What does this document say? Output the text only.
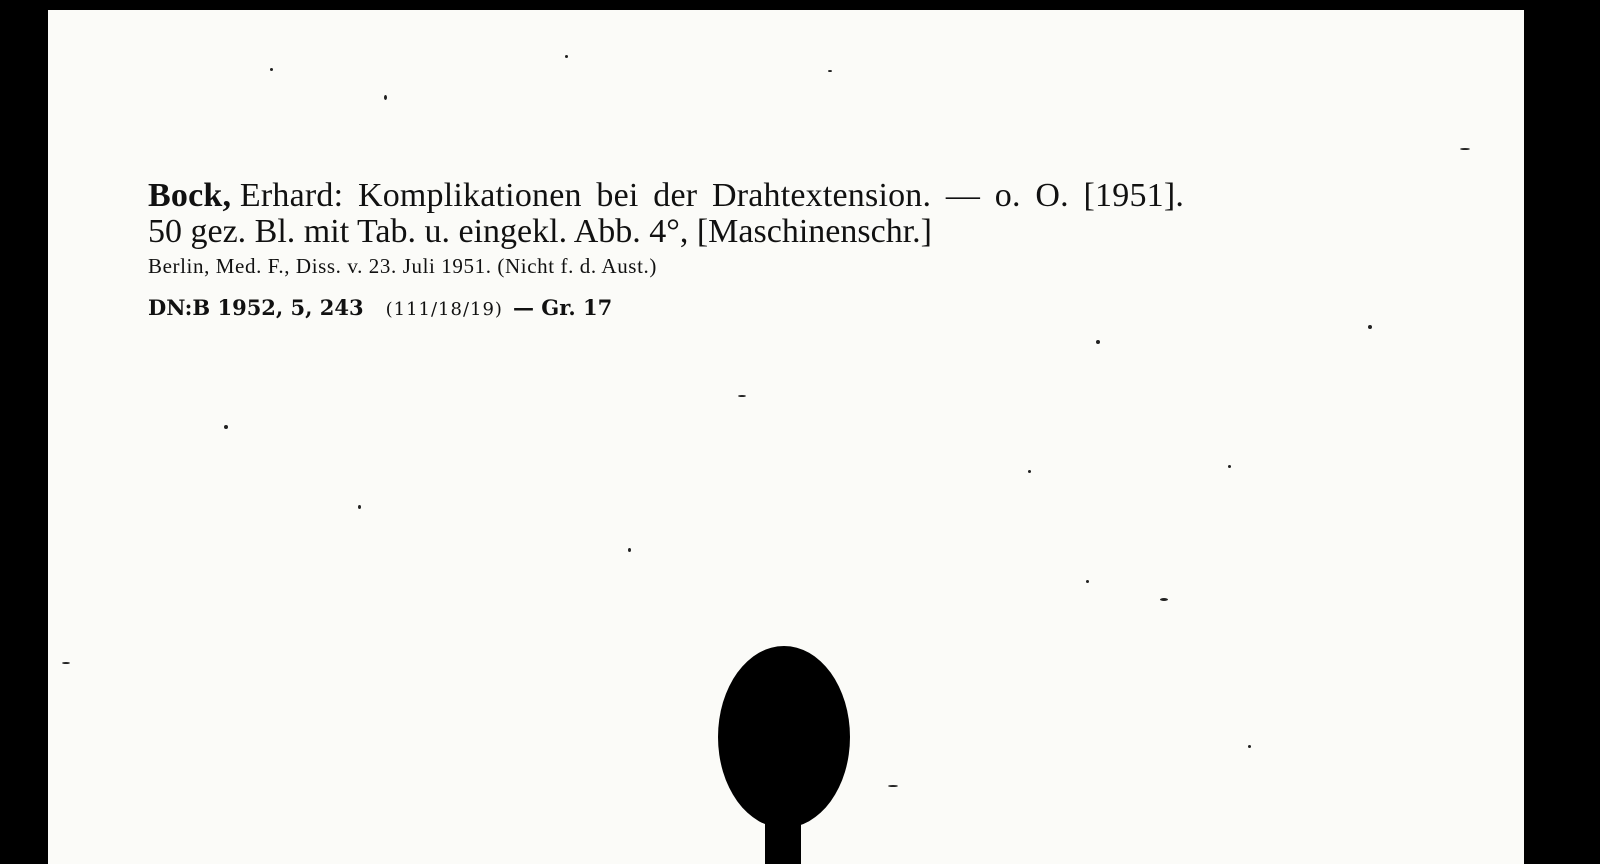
Bock, Erhard: Komplikationen bei der Drahtextension. — o. O. [1951].
50 gez. Bl. mit Tab. u. eingekl. Abb. 4°, [Maschinenschr.]
Berlin, Med. F., Diss. v. 23. Juli 1951. (Nicht f. d. Aust.)
DN:B 1952, 5, 243 (111/18/19) — Gr. 17
